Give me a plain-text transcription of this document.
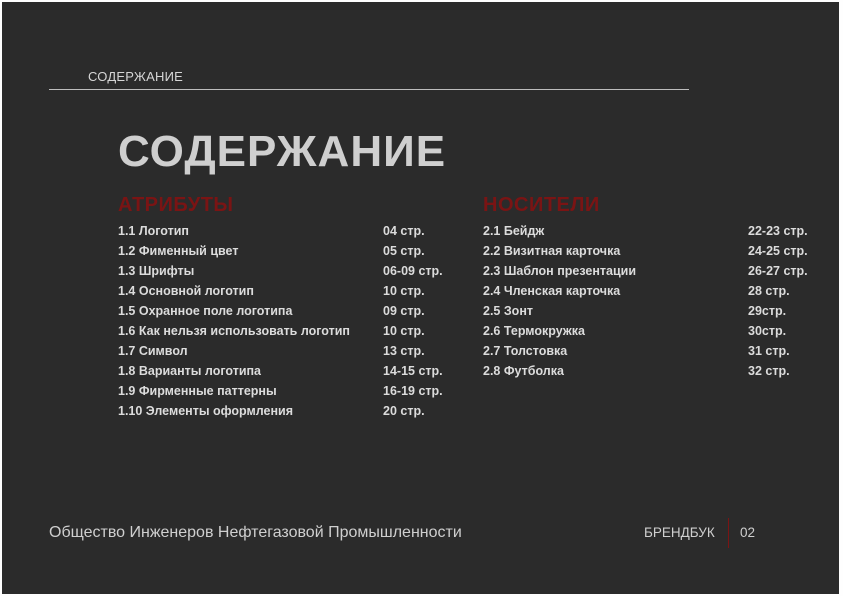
СОДЕРЖАНИЕ
СОДЕРЖАНИЕ
АТРИБУТЫ
1.1 Логотип	04 стр.
1.2 Фименный цвет	05 стр.
1.3 Шрифты	06-09 стр.
1.4 Основной логотип	10 стр.
1.5 Охранное поле логотипа	09 стр.
1.6 Как нельзя использовать логотип	10 стр.
1.7 Символ	13 стр.
1.8 Варианты логотипа	14-15 стр.
1.9 Фирменные паттерны	16-19 стр.
1.10 Элементы оформления	20 стр.
НОСИТЕЛИ
2.1 Бейдж	22-23 стр.
2.2 Визитная карточка	24-25 стр.
2.3 Шаблон презентации	26-27 стр.
2.4 Членская карточка	28 стр.
2.5 Зонт	29стр.
2.6 Термокружка	30стр.
2.7 Толстовка	31 стр.
2.8 Футболка	32 стр.
Общество Инженеров Нефтегазовой Промышленности	БРЕНДБУК 02
